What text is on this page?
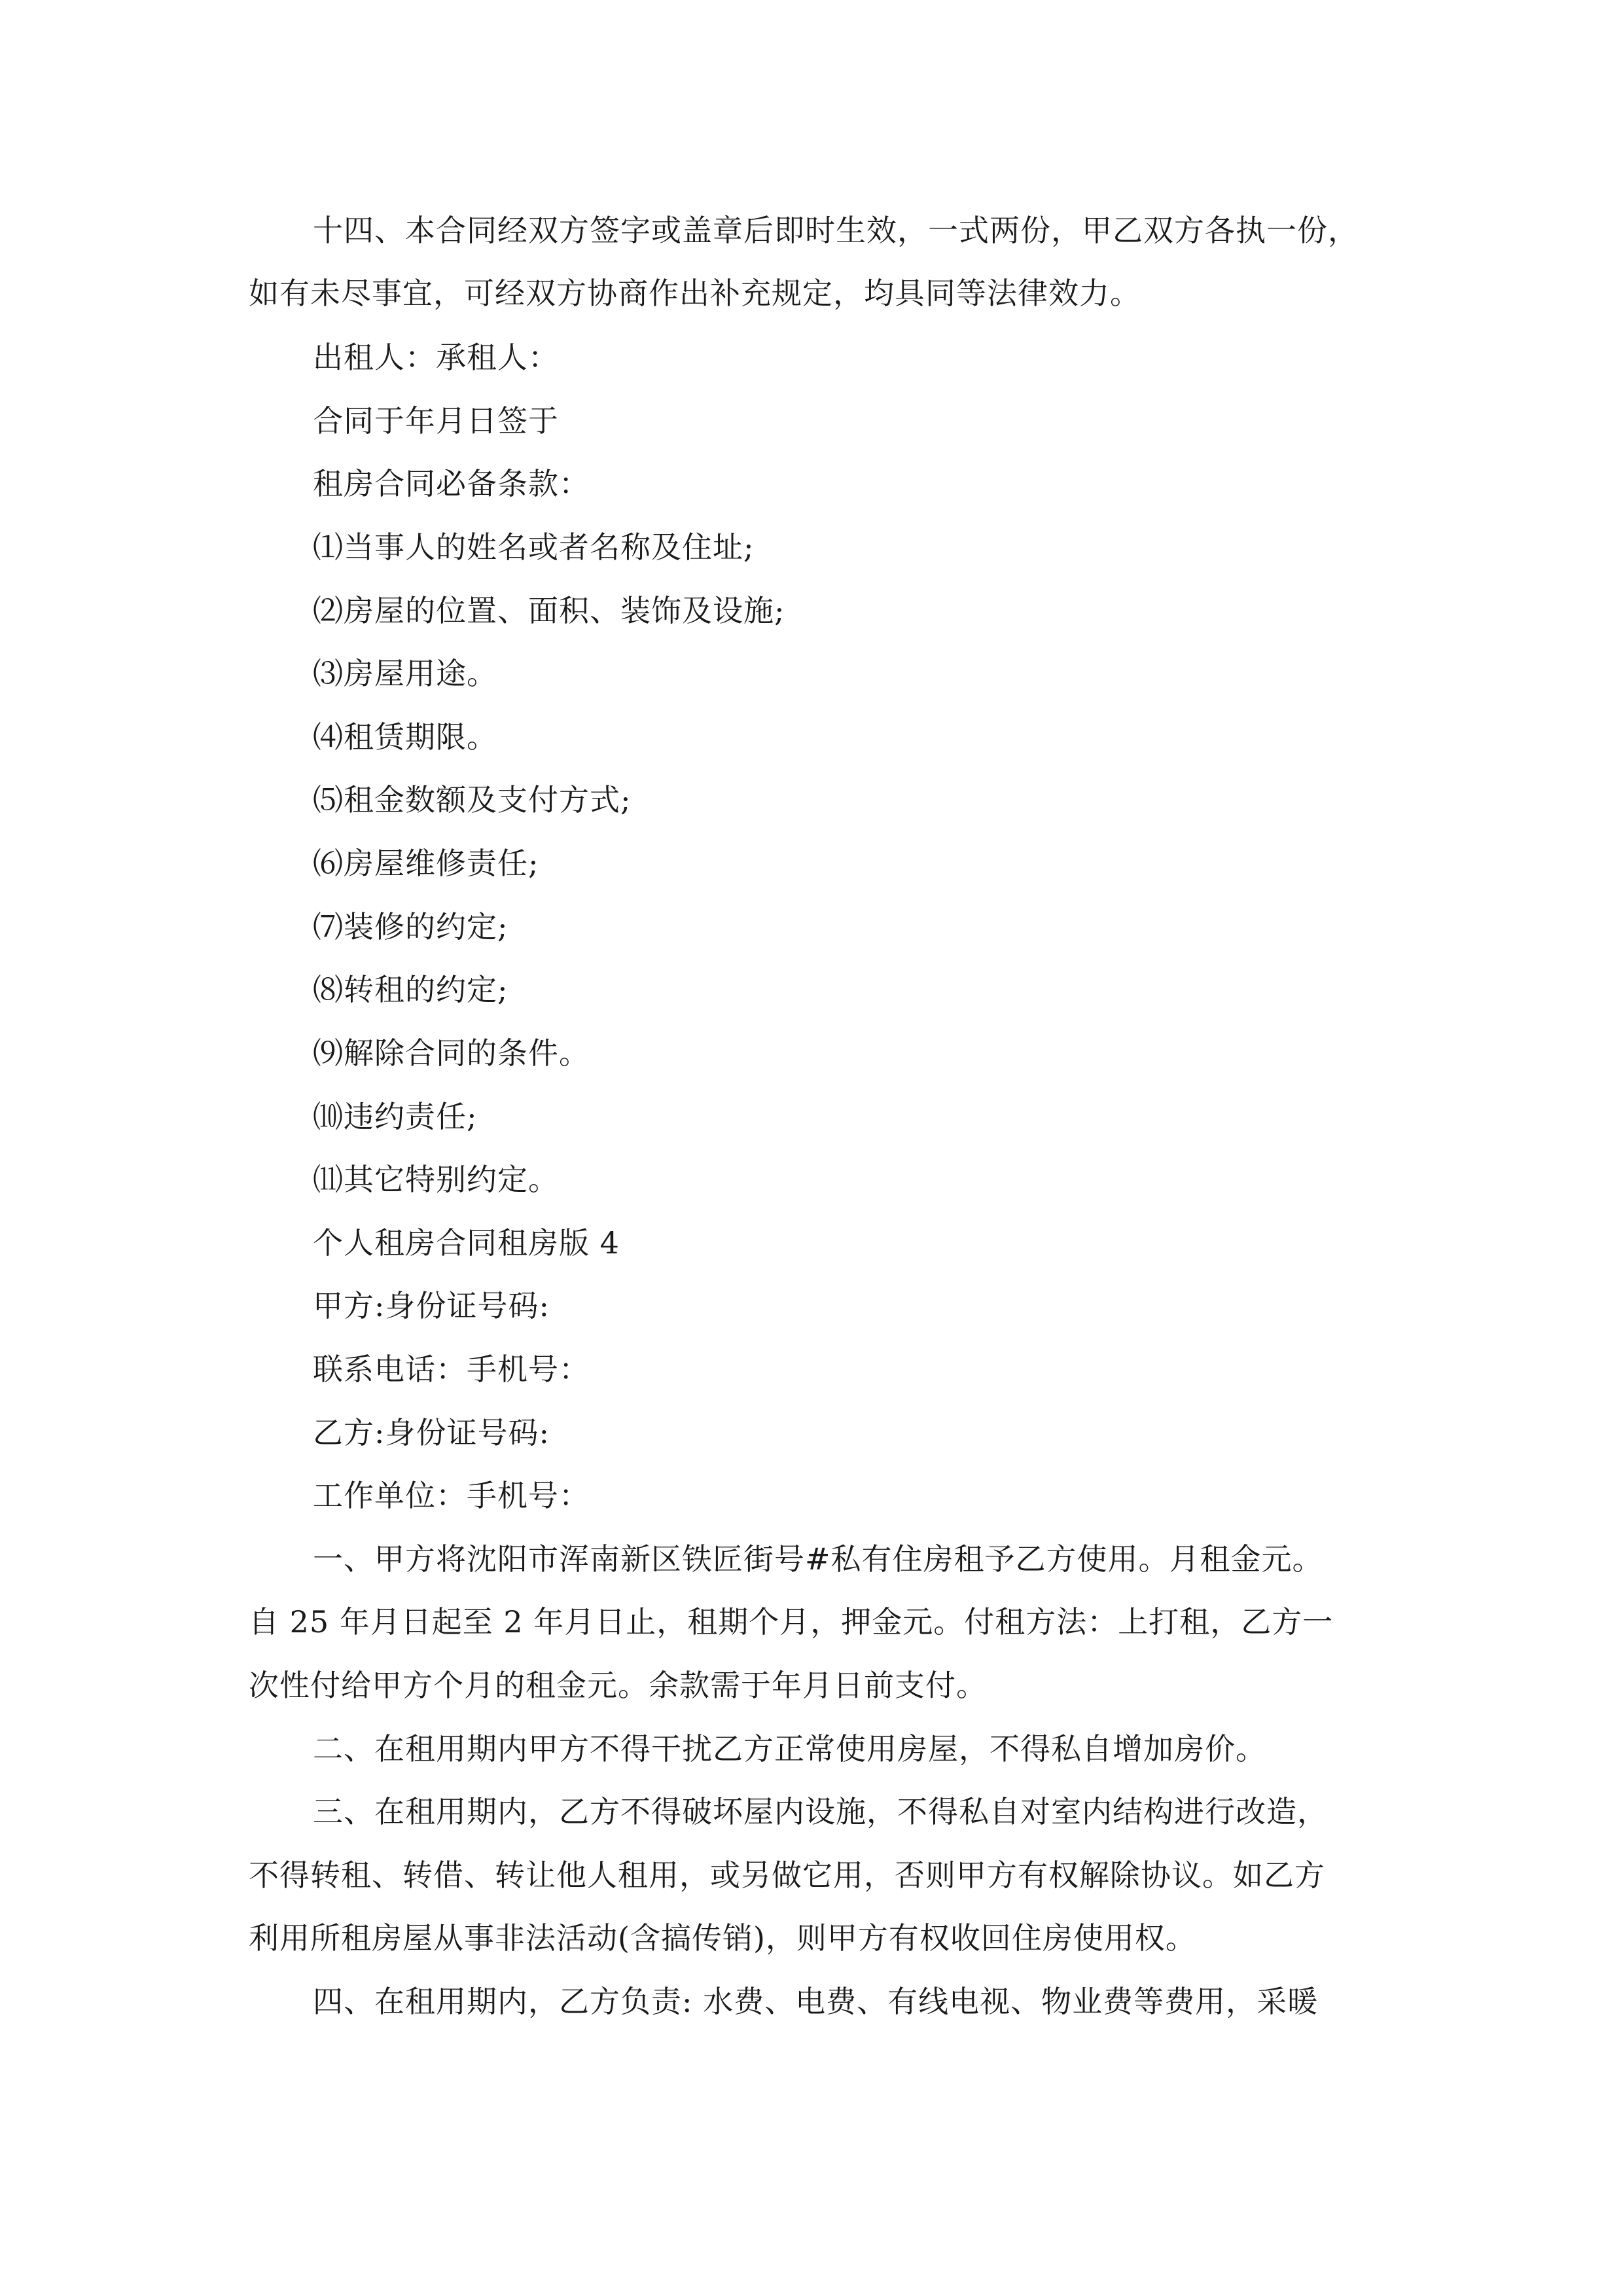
十四、本合同经双方签字或盖章后即时生效，一式两份，甲乙双方各执一份，

如有未尽事宜，可经双方协商作出补充规定，均具同等法律效力。

出租人：承租人：

合同于年月日签于

租房合同必备条款：

⑴当事人的姓名或者名称及住址;

⑵房屋的位置、面积、装饰及设施;

⑶房屋用途。

⑷租赁期限。

⑸租金数额及支付方式;

⑹房屋维修责任;

⑺装修的约定;

⑻转租的约定;

⑼解除合同的条件。

⑽违约责任;

⑾其它特别约定。

个人租房合同租房版 4

甲方:身份证号码:

联系电话：手机号：

乙方:身份证号码:

工作单位：手机号：

一、甲方将沈阳市浑南新区铁匠街号#私有住房租予乙方使用。月租金元。

自 25 年月日起至 2 年月日止，租期个月，押金元。付租方法：上打租，乙方一

次性付给甲方个月的租金元。余款需于年月日前支付。

二、在租用期内甲方不得干扰乙方正常使用房屋，不得私自增加房价。

三、在租用期内，乙方不得破坏屋内设施，不得私自对室内结构进行改造，

不得转租、转借、转让他人租用，或另做它用，否则甲方有权解除协议。如乙方

利用所租房屋从事非法活动(含搞传销)，则甲方有权收回住房使用权。

四、在租用期内，乙方负责: 水费、电费、有线电视、物业费等费用，采暖
